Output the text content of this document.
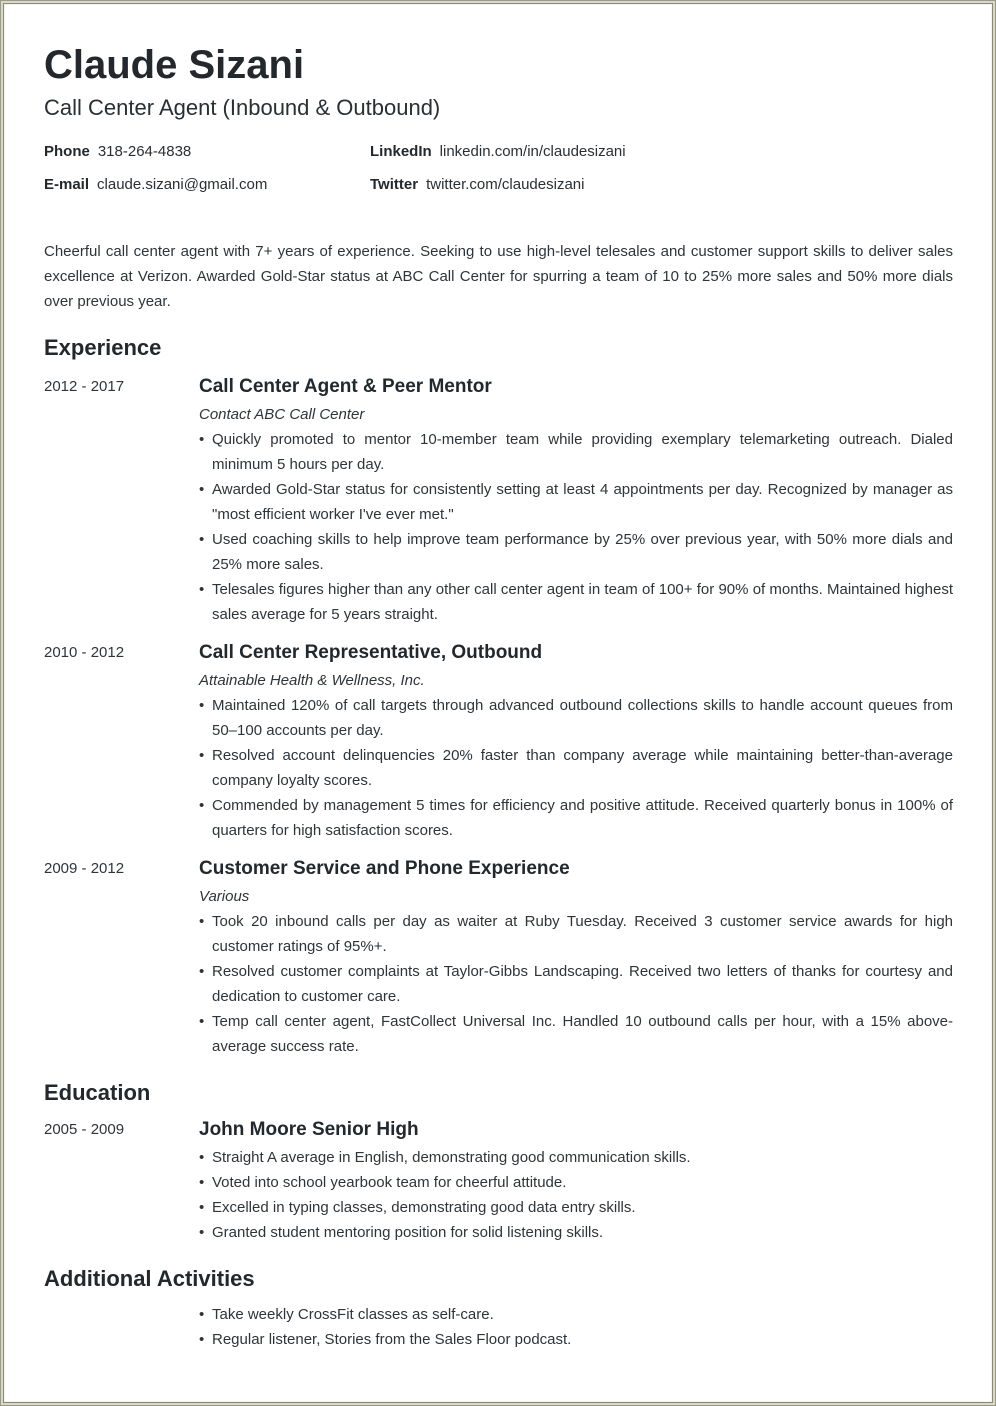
Claude Sizani
Call Center Agent (Inbound & Outbound)
Phone 318-264-4838	LinkedIn linkedin.com/in/claudesizani
E-mail claude.sizani@gmail.com	Twitter twitter.com/claudesizani
Cheerful call center agent with 7+ years of experience. Seeking to use high-level telesales and customer support skills to deliver sales excellence at Verizon. Awarded Gold-Star status at ABC Call Center for spurring a team of 10 to 25% more sales and 50% more dials over previous year.
Experience
2012 - 2017	Call Center Agent & Peer Mentor
Contact ABC Call Center
• Quickly promoted to mentor 10-member team while providing exemplary telemarketing outreach. Dialed minimum 5 hours per day.
• Awarded Gold-Star status for consistently setting at least 4 appointments per day. Recognized by manager as "most efficient worker I've ever met."
• Used coaching skills to help improve team performance by 25% over previous year, with 50% more dials and 25% more sales.
• Telesales figures higher than any other call center agent in team of 100+ for 90% of months. Maintained highest sales average for 5 years straight.
2010 - 2012	Call Center Representative, Outbound
Attainable Health & Wellness, Inc.
• Maintained 120% of call targets through advanced outbound collections skills to handle account queues from 50–100 accounts per day.
• Resolved account delinquencies 20% faster than company average while maintaining better-than-average company loyalty scores.
• Commended by management 5 times for efficiency and positive attitude. Received quarterly bonus in 100% of quarters for high satisfaction scores.
2009 - 2012	Customer Service and Phone Experience
Various
• Took 20 inbound calls per day as waiter at Ruby Tuesday. Received 3 customer service awards for high customer ratings of 95%+.
• Resolved customer complaints at Taylor-Gibbs Landscaping. Received two letters of thanks for courtesy and dedication to customer care.
• Temp call center agent, FastCollect Universal Inc. Handled 10 outbound calls per hour, with a 15% above-average success rate.
Education
2005 - 2009	John Moore Senior High
• Straight A average in English, demonstrating good communication skills.
• Voted into school yearbook team for cheerful attitude.
• Excelled in typing classes, demonstrating good data entry skills.
• Granted student mentoring position for solid listening skills.
Additional Activities
• Take weekly CrossFit classes as self-care.
• Regular listener, Stories from the Sales Floor podcast.
